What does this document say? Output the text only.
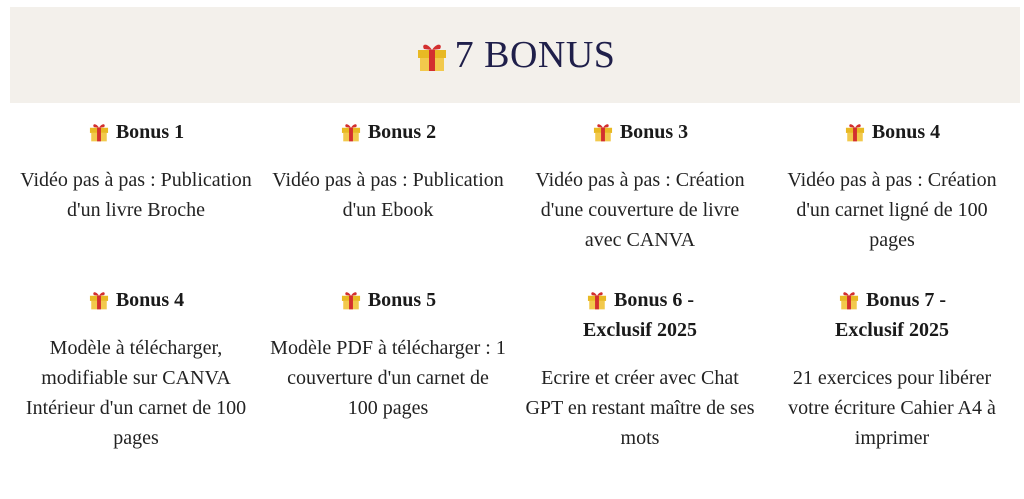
7 BONUS
Bonus 1
Vidéo pas à pas : Publication d'un livre Broche
Bonus 2
Vidéo pas à pas : Publication d'un Ebook
Bonus 3
Vidéo pas à pas : Création d'une couverture de livre avec CANVA
Bonus 4
Vidéo pas à pas : Création d'un carnet ligné de 100 pages
Bonus 4
Modèle à télécharger, modifiable sur CANVA Intérieur d'un carnet de 100 pages
Bonus 5
Modèle PDF à télécharger : 1 couverture d'un carnet de 100 pages
Bonus 6 - Exclusif 2025
Ecrire et créer avec Chat GPT en restant maître de ses mots
Bonus 7 - Exclusif 2025
21 exercices pour libérer votre écriture Cahier A4 à imprimer
